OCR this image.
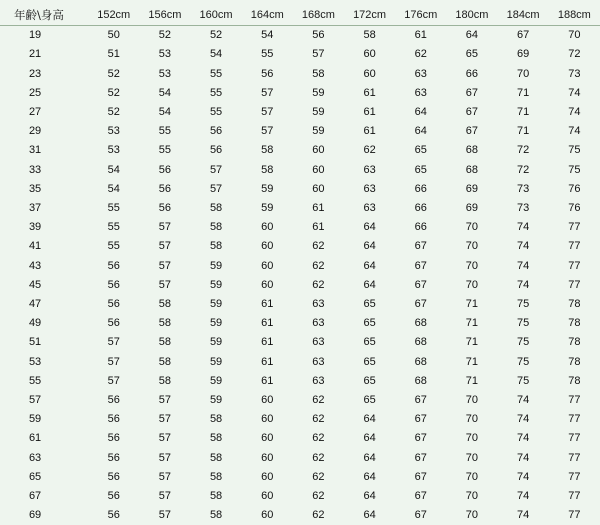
年齢\身高	152cm	156cm	160cm	164cm	168cm	172cm	176cm	180cm	184cm	188cm
19	50	52	52	54	56	58	61	64	67	70
21	51	53	54	55	57	60	62	65	69	72
23	52	53	55	56	58	60	63	66	70	73
25	52	54	55	57	59	61	63	67	71	74
27	52	54	55	57	59	61	64	67	71	74
29	53	55	56	57	59	61	64	67	71	74
31	53	55	56	58	60	62	65	68	72	75
33	54	56	57	58	60	63	65	68	72	75
35	54	56	57	59	60	63	66	69	73	76
37	55	56	58	59	61	63	66	69	73	76
39	55	57	58	60	61	64	66	70	74	77
41	55	57	58	60	62	64	67	70	74	77
43	56	57	59	60	62	64	67	70	74	77
45	56	57	59	60	62	64	67	70	74	77
47	56	58	59	61	63	65	67	71	75	78
49	56	58	59	61	63	65	68	71	75	78
51	57	58	59	61	63	65	68	71	75	78
53	57	58	59	61	63	65	68	71	75	78
55	57	58	59	61	63	65	68	71	75	78
57	56	57	59	60	62	65	67	70	74	77
59	56	57	58	60	62	64	67	70	74	77
61	56	57	58	60	62	64	67	70	74	77
63	56	57	58	60	62	64	67	70	74	77
65	56	57	58	60	62	64	67	70	74	77
67	56	57	58	60	62	64	67	70	74	77
69	56	57	58	60	62	64	67	70	74	77
